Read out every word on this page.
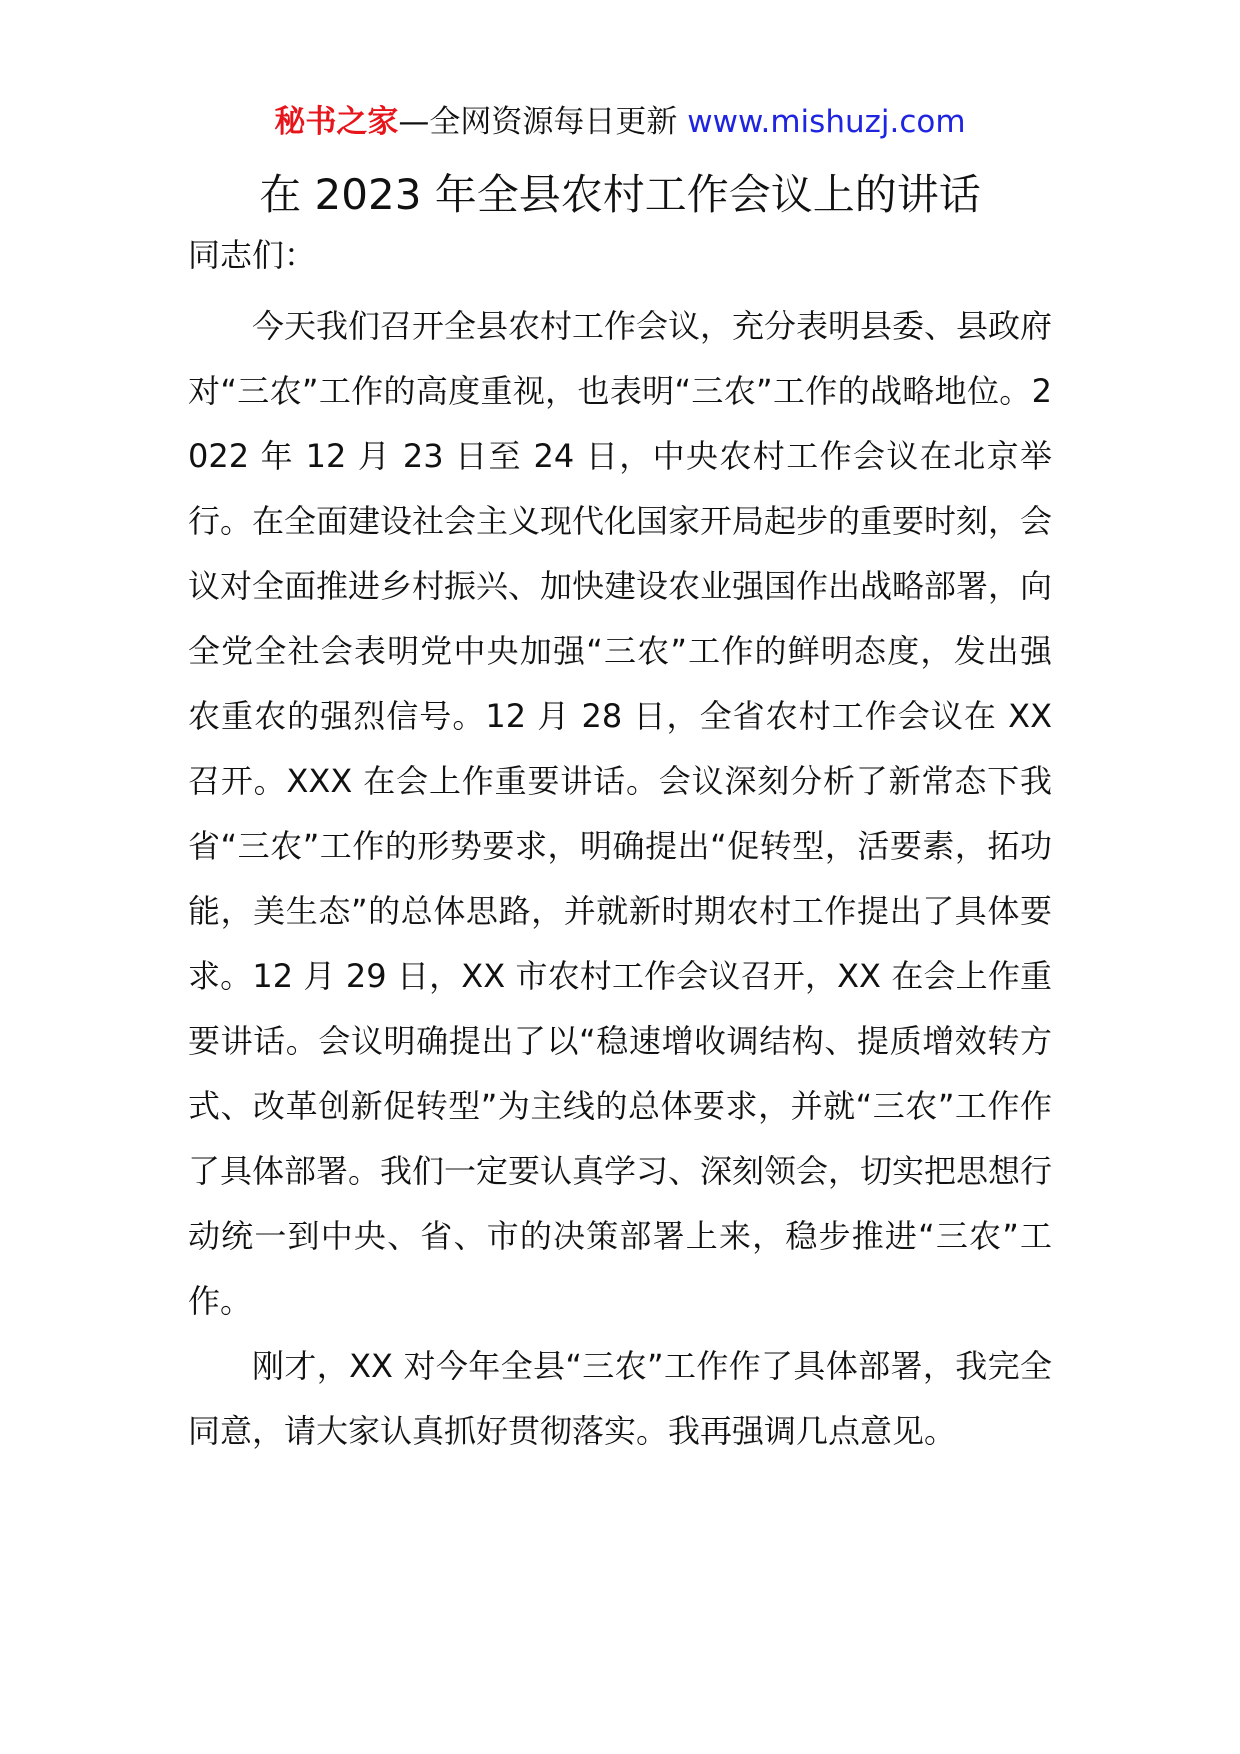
秘书之家—全网资源每日更新 www.mishuzj.com
在 2023 年全县农村工作会议上的讲话
同志们：

今天我们召开全县农村工作会议，充分表明县委、县政府对“三农”工作的高度重视，也表明“三农”工作的战略地位。2022 年 12 月 23 日至 24 日，中央农村工作会议在北京举行。在全面建设社会主义现代化国家开局起步的重要时刻，会议对全面推进乡村振兴、加快建设农业强国作出战略部署，向全党全社会表明党中央加强“三农”工作的鲜明态度，发出强农重农的强烈信号。12 月 28 日，全省农村工作会议在 XX 召开。XXX 在会上作重要讲话。会议深刻分析了新常态下我省“三农”工作的形势要求，明确提出“促转型，活要素，拓功能，美生态”的总体思路，并就新时期农村工作提出了具体要求。12 月 29 日，XX 市农村工作会议召开，XX 在会上作重要讲话。会议明确提出了以“稳速增收调结构、提质增效转方式、改革创新促转型”为主线的总体要求，并就“三农”工作作了具体部署。我们一定要认真学习、深刻领会，切实把思想行动统一到中央、省、市的决策部署上来，稳步推进“三农”工作。

刚才，XX 对今年全县“三农”工作作了具体部署，我完全同意，请大家认真抓好贯彻落实。我再强调几点意见。
